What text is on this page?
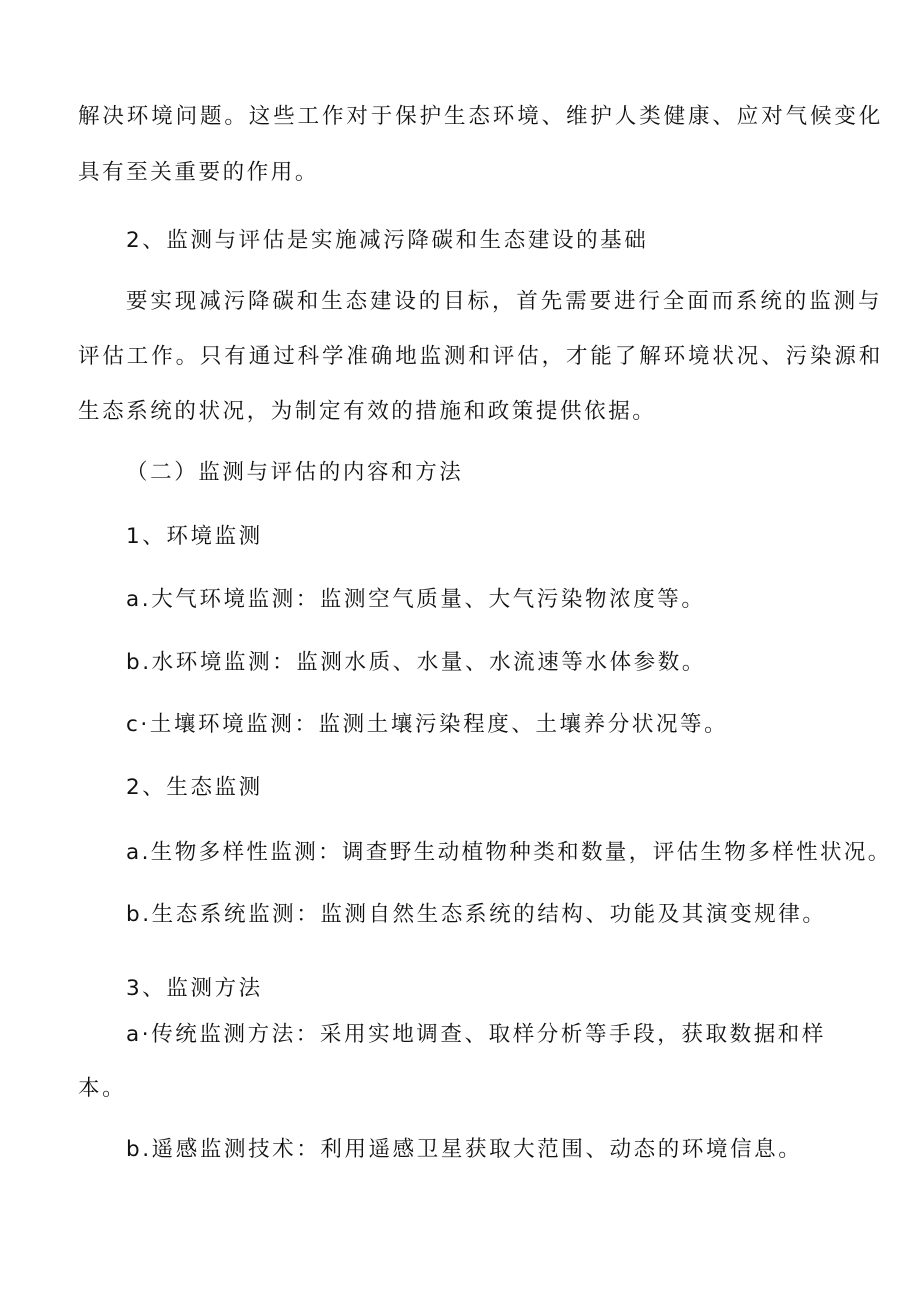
解决环境问题。这些工作对于保护生态环境、维护人类健康、应对气候变化

具有至关重要的作用。

2、监测与评估是实施减污降碳和生态建设的基础

要实现减污降碳和生态建设的目标，首先需要进行全面而系统的监测与

评估工作。只有通过科学准确地监测和评估，才能了解环境状况、污染源和

生态系统的状况，为制定有效的措施和政策提供依据。

（二）监测与评估的内容和方法

1、环境监测

a.大气环境监测：监测空气质量、大气污染物浓度等。

b.水环境监测：监测水质、水量、水流速等水体参数。

c·土壤环境监测：监测土壤污染程度、土壤养分状况等。

2、生态监测

a.生物多样性监测：调查野生动植物种类和数量，评估生物多样性状况。

b.生态系统监测：监测自然生态系统的结构、功能及其演变规律。

3、监测方法

a·传统监测方法：采用实地调查、取样分析等手段，获取数据和样

本。

b.遥感监测技术：利用遥感卫星获取大范围、动态的环境信息。
